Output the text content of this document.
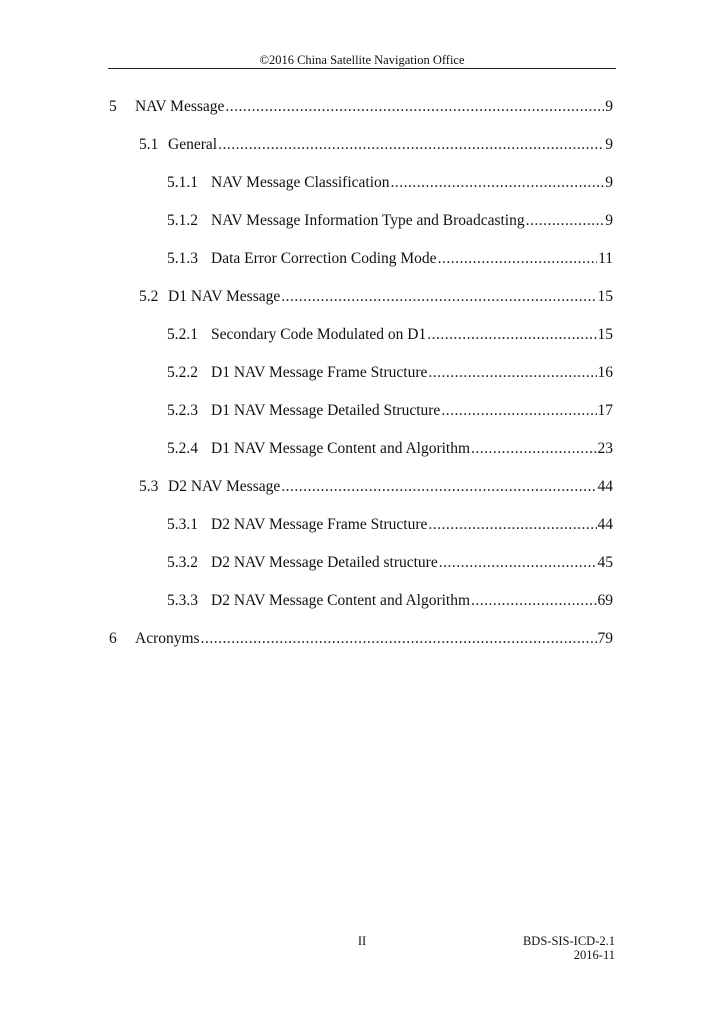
©2016 China Satellite Navigation Office
5	NAV Message .....	9
5.1 General .....	9
5.1.1 NAV Message Classification .....	9
5.1.2 NAV Message Information Type and Broadcasting .....	9
5.1.3 Data Error Correction Coding Mode .....	11
5.2 D1 NAV Message .....	15
5.2.1 Secondary Code Modulated on D1 .....	15
5.2.2 D1 NAV Message Frame Structure .....	16
5.2.3 D1 NAV Message Detailed Structure .....	17
5.2.4 D1 NAV Message Content and Algorithm .....	23
5.3 D2 NAV Message .....	44
5.3.1 D2 NAV Message Frame Structure .....	44
5.3.2 D2 NAV Message Detailed structure .....	45
5.3.3 D2 NAV Message Content and Algorithm .....	69
6	Acronyms .....	79
II	BDS-SIS-ICD-2.1
2016-11
